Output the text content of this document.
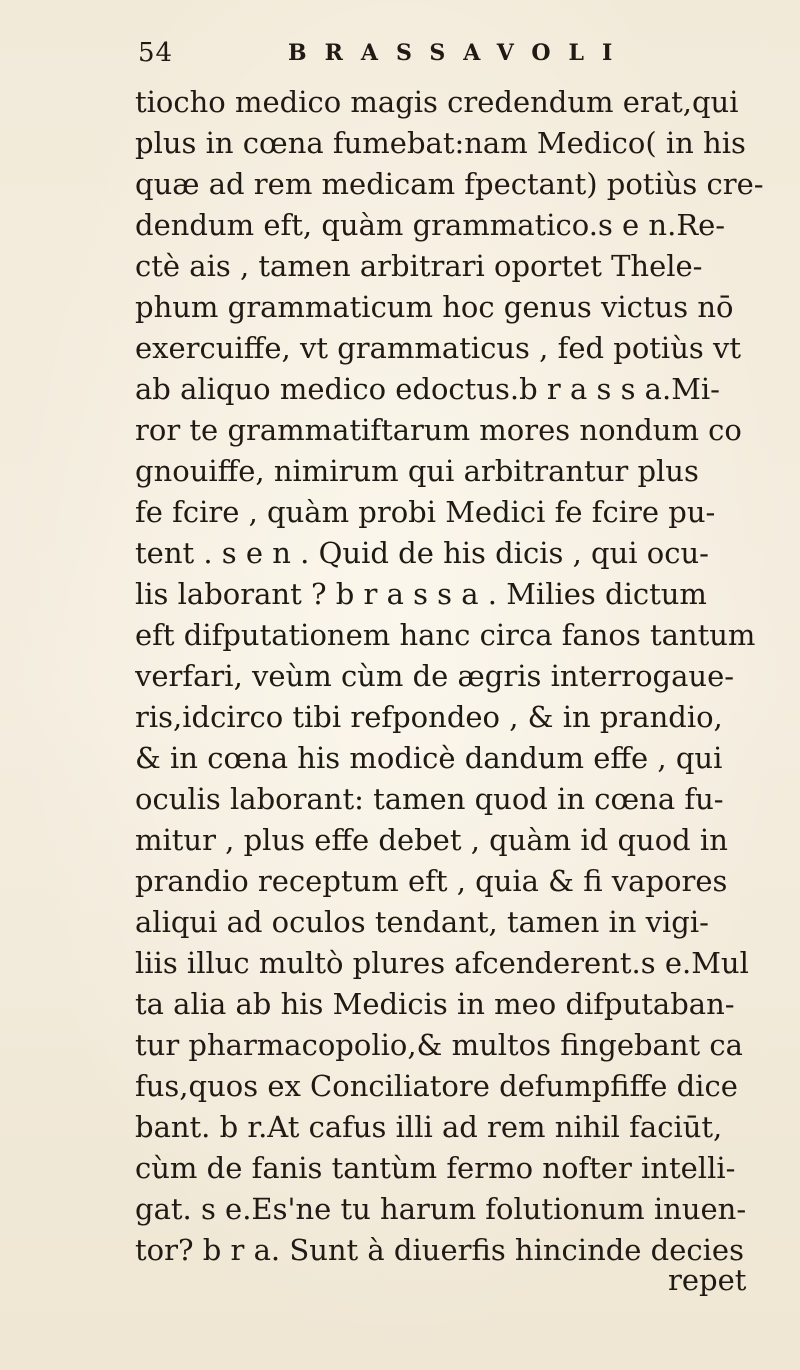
54	BRASSAVOLI
tiocho medico magis credendum erat,qui
plus in cœna fumebat:nam Medico( in his
quæ ad rem medicam fpectant) potiùs cre-
dendum eft, quàm grammatico.s e n.Re-
ctè ais , tamen arbitrari oportet Thele-
phum grammaticum hoc genus victus nō
exercuiffe, vt grammaticus , fed potiùs vt
ab aliquo medico edoctus.b r a s s a.Mi-
ror te grammatiftarum mores nondum co
gnouiffe, nimirum qui arbitrantur plus
fe fcire , quàm probi Medici fe fcire pu-
tent . s e n . Quid de his dicis , qui ocu-
lis laborant ? b r a s s a . Milies dictum
eft difputationem hanc circa fanos tantum
verfari, veùm cùm de ægris interrogaue-
ris,idcirco tibi refpondeo , & in prandio,
& in cœna his modicè dandum effe , qui
oculis laborant: tamen quod in cœna fu-
mitur , plus effe debet , quàm id quod in
prandio receptum eft , quia & fi vapores
aliqui ad oculos tendant, tamen in vigi-
liis illuc multò plures afcenderent.s e.Mul
ta alia ab his Medicis in meo difputaban-
tur pharmacopolio,& multos fingebant ca
fus,quos ex Conciliatore defumpfiffe dice
bant. b r.At cafus illi ad rem nihil faciūt,
cùm de fanis tantùm fermo nofter intelli-
gat. s e.Es'ne tu harum folutionum inuen-
tor? b r a. Sunt à diuerfis hincinde decies
repet
